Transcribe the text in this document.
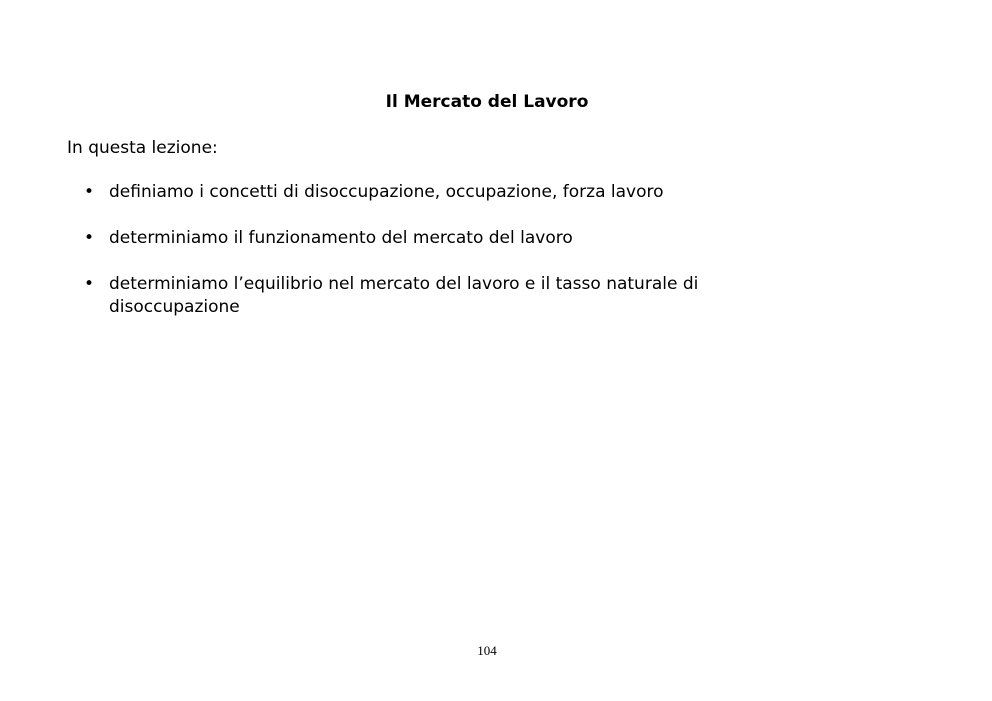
Il Mercato del Lavoro
In questa lezione:
• definiamo i concetti di disoccupazione, occupazione, forza lavoro
• determiniamo il funzionamento del mercato del lavoro
• determiniamo l’equilibrio nel mercato del lavoro e il tasso naturale di disoccupazione
104
